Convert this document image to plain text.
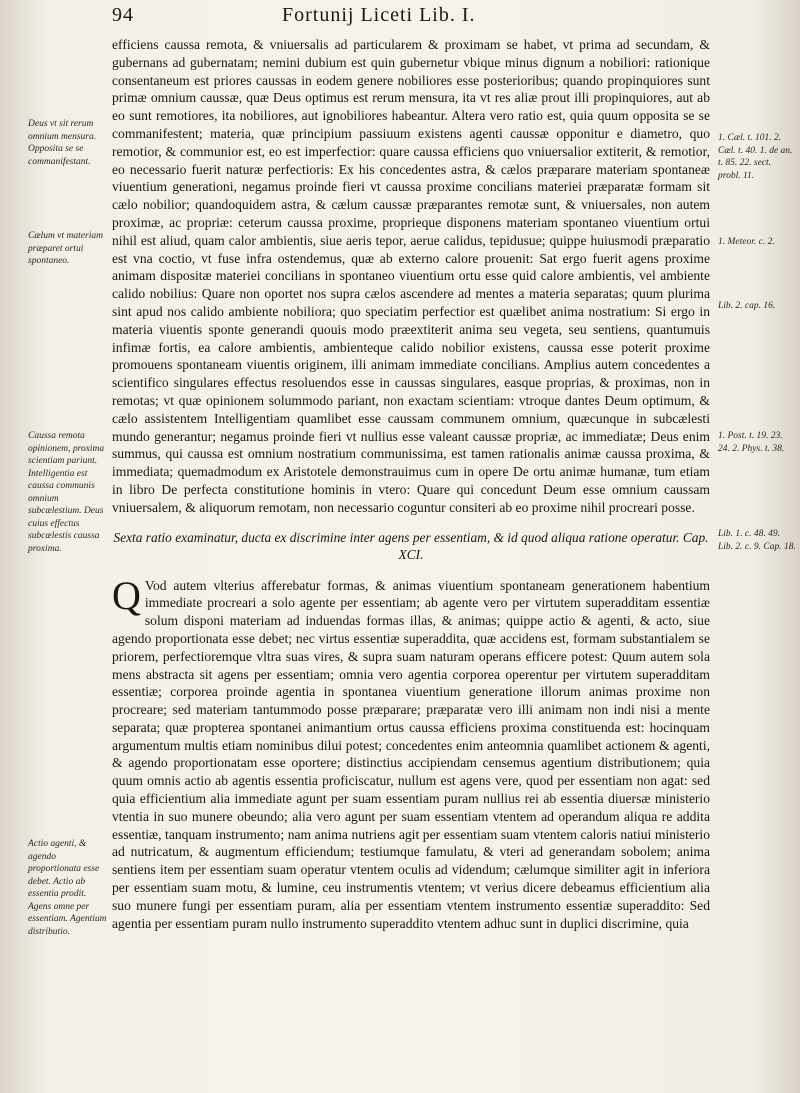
94	Fortunij Liceti Lib. I.
Deus vt sit rerum omnium mensura. Opposita se se commanifestant.
Cælum vt materiam præparet ortui spontaneo.
Caussa remota opinionem, proxima scientiam pariunt. Intelligentia est caussa communis omnium subcælestium. Deus cuius effectus subcælestis caussa proxima.
Actio agenti, & agendo proportionata esse debet. Actio ab essentia prodit. Agens omne per essentiam. Agentium distributio.
1. Cæl. t. 101. 2. Cæl. t. 40. 1. de an. t. 85. 22. sect. probl. 11.
1. Meteor. c. 2.
Lib. 2. cap. 16.
1. Post. t. 19. 23. 24. 2. Phys. t. 38.
Lib. 1. c. 48. 49. Lib. 2. c. 9. Cap. 18.

efficiens caussa remota, & vniuersalis ad particularem & proximam se habet, vt prima ad secundam, & gubernans ad gubernatam; nemini dubium est quin gubernetur vbique minus dignum a nobiliori: rationique consentaneum est priores caussas in eodem genere nobiliores esse posterioribus; quando propinquiores sunt primæ omnium caussæ, quæ Deus optimus est rerum mensura, ita vt res aliæ prout illi propinquiores, aut ab eo sunt remotiores, ita nobiliores, aut ignobiliores habeantur. Altera vero ratio est, quia quum opposita se se commanifestent; materia, quæ principium passiuum existens agenti caussæ opponitur e diametro, quo remotior, & communior est, eo est imperfectior: quare caussa efficiens quo vniuersalior extiterit, & remotior, eo necessario fuerit naturæ perfectioris: Ex his concedentes astra, & cælos præparare materiam spontaneæ viuentium generationi, negamus proinde fieri vt caussa proxime concilians materiei præparatæ formam sit cælo nobilior; quandoquidem astra, & cælum caussæ præparantes remotæ sunt, & vniuersales, non autem proximæ, ac propriæ: ceterum caussa proxime, proprieque disponens materiam spontaneo viuentium ortui nihil est aliud, quam calor ambientis, siue aeris tepor, aerue calidus, tepidusue; quippe huiusmodi præparatio est vna coctio, vt fuse infra ostendemus, quæ ab externo calore prouenit: Sat ergo fuerit agens proxime animam dispositæ materiei concilians in spontaneo viuentium ortu esse quid calore ambientis, vel ambiente calido nobilius: Quare non oportet nos supra cælos ascendere ad mentes a materia separatas; quum plurima sint apud nos calido ambiente nobiliora; quo speciatim perfectior est quælibet anima nostratium: Si ergo in materia viuentis sponte generandi quouis modo præextiterit anima seu vegeta, seu sentiens, quantumuis infimæ fortis, ea calore ambientis, ambienteque calido nobilior existens, caussa esse poterit proxime promouens spontaneam viuentis originem, illi animam immediate concilians. Amplius autem concedentes a scientifico singulares effectus resoluendos esse in caussas singulares, easque proprias, & proximas, non in remotas; vt quæ opinionem solummodo pariant, non exactam scientiam: vtroque dantes Deum optimum, & cælo assistentem Intelligentiam quamlibet esse caussam communem omnium, quæcunque in subcælesti mundo generantur; negamus proinde fieri vt nullius esse valeant caussæ propriæ, ac immediatæ; Deus enim summus, qui caussa est omnium nostratium communissima, est tamen rationalis animæ caussa proxima, & immediata; quemadmodum ex Aristotele demonstrauimus cum in opere De ortu animæ humanæ, tum etiam in libro De perfecta constitutione hominis in vtero: Quare qui concedunt Deum esse omnium caussam vniuersalem, & aliquorum remotam, non necessario coguntur consiteri ab eo proxime nihil procreari posse.

Sexta ratio examinatur, ducta ex discrimine inter agens per essentiam, & id quod aliqua ratione operatur. Cap. XCI.

Q Vod autem vlterius afferebatur formas, & animas viuentium spontaneam generationem habentium immediate procreari a solo agente per essentiam; ab agente vero per virtutem superadditam essentiæ solum disponi materiam ad induendas formas illas, & animas; quippe actio & agenti, & acto, siue agendo proportionata esse debet; nec virtus essentiæ superaddita, quæ accidens est, formam substantialem se priorem, perfectioremque vltra suas vires, & supra suam naturam operans efficere potest: Quum autem sola mens abstracta sit agens per essentiam; omnia vero agentia corporea operentur per virtutem superadditam essentiæ; corporea proinde agentia in spontanea viuentium generatione illorum animas proxime non procreare; sed materiam tantummodo posse præparare; præparatæ vero illi animam non indi nisi a mente separata; quæ propterea spontanei animantium ortus caussa efficiens proxima constituenda est: hocinquam argumentum multis etiam nominibus dilui potest; concedentes enim anteomnia quamlibet actionem & agenti, & agendo proportionatam esse oportere; distinctius accipiendam censemus agentium distributionem; quia quum omnis actio ab agentis essentia proficiscatur, nullum est agens vere, quod per essentiam non agat: sed quia efficientium alia immediate agunt per suam essentiam puram nullius rei ab essentia diuersæ ministerio vtentia in suo munere obeundo; alia vero agunt per suam essentiam vtentem ad operandum aliqua re addita essentiæ, tanquam instrumento; nam anima nutriens agit per essentiam suam vtentem caloris natiui ministerio ad nutricatum, & augmentum efficiendum; testiumque famulatu, & vteri ad generandam sobolem; anima sentiens item per essentiam suam operatur vtentem oculis ad videndum; cælumque similiter agit in inferiora per essentiam suam motu, & lumine, ceu instrumentis vtentem; vt verius dicere debeamus efficientium alia suo munere fungi per essentiam puram, alia per essentiam vtentem instrumento essentiæ superaddito: Sed agentia per essentiam puram nullo instrumento superaddito vtentem adhuc sunt in duplici discrimine, quia
